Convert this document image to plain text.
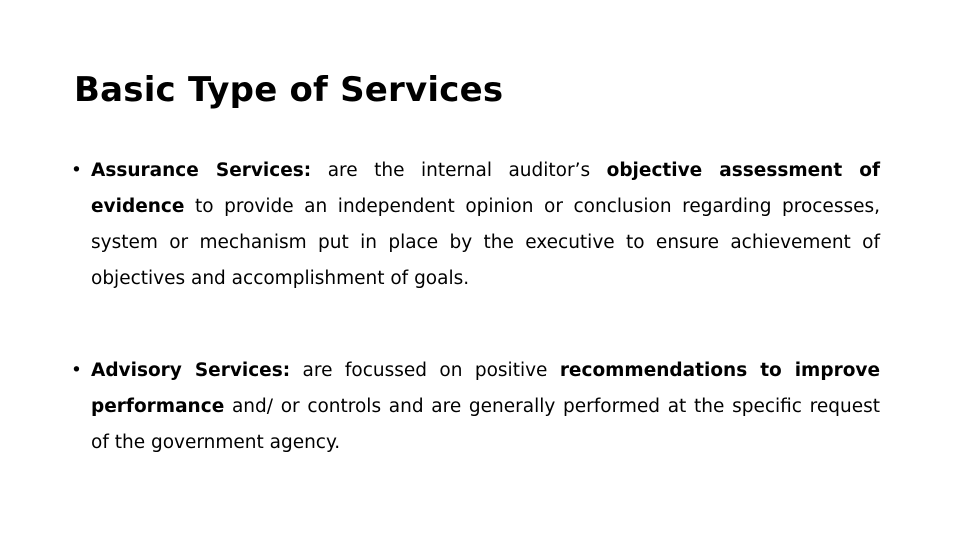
Basic Type of Services
• Assurance Services: are the internal auditor’s objective assessment of evidence to provide an independent opinion or conclusion regarding processes, system or mechanism put in place by the executive to ensure achievement of objectives and accomplishment of goals.
• Advisory Services: are focussed on positive recommendations to improve performance and/ or controls and are generally performed at the specific request of the government agency.
